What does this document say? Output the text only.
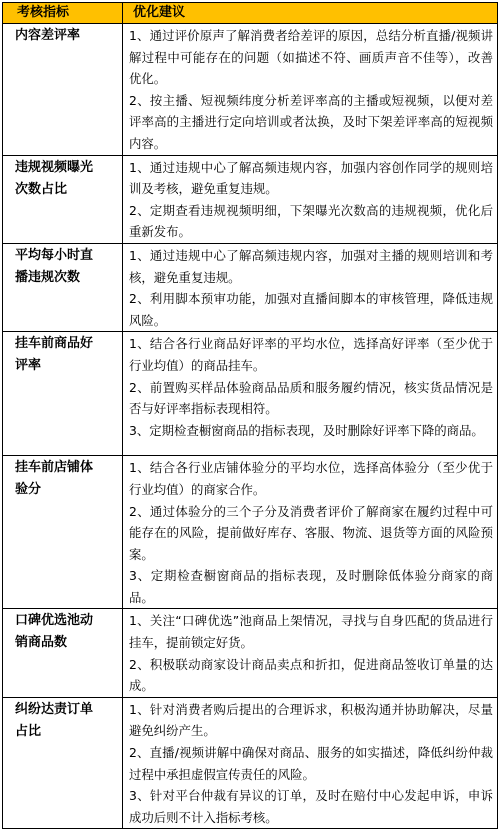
考核指标	优化建议

内容差评率	1、通过评价原声了解消费者给差评的原因，总结分析直播/视频讲解过程中可能存在的问题（如描述不符、画质声音不佳等），改善优化。

2、按主播、短视频纬度分析差评率高的主播或短视频，以便对差评率高的主播进行定向培训或者汰换，及时下架差评率高的短视频内容。

违规视频曝光次数占比	1、通过违规中心了解高频违规内容，加强内容创作同学的规则培训及考核，避免重复违规。

2、定期查看违规视频明细，下架曝光次数高的违规视频，优化后重新发布。

平均每小时直播违规次数	1、通过违规中心了解高频违规内容，加强对主播的规则培训和考核，避免重复违规。

2、利用脚本预审功能，加强对直播间脚本的审核管理，降低违规风险。

挂车前商品好评率	1、结合各行业商品好评率的平均水位，选择高好评率（至少优于行业均值）的商品挂车。

2、前置购买样品体验商品品质和服务履约情况，核实货品情况是否与好评率指标表现相符。

3、定期检查橱窗商品的指标表现，及时删除好评率下降的商品。

挂车前店铺体验分	1、结合各行业店铺体验分的平均水位，选择高体验分（至少优于行业均值）的商家合作。

2、通过体验分的三个子分及消费者评价了解商家在履约过程中可能存在的风险，提前做好库存、客服、物流、退货等方面的风险预案。

3、定期检查橱窗商品的指标表现，及时删除低体验分商家的商品。

口碑优选池动销商品数	1、关注“口碑优选”池商品上架情况，寻找与自身匹配的货品进行挂车，提前锁定好货。

2、积极联动商家设计商品卖点和折扣，促进商品签收订单量的达成。

纠纷达责订单占比	1、针对消费者购后提出的合理诉求，积极沟通并协助解决，尽量避免纠纷产生。

2、直播/视频讲解中确保对商品、服务的如实描述，降低纠纷仲裁过程中承担虚假宣传责任的风险。

3、针对平台仲裁有异议的订单，及时在赔付中心发起申诉，申诉成功后则不计入指标考核。
